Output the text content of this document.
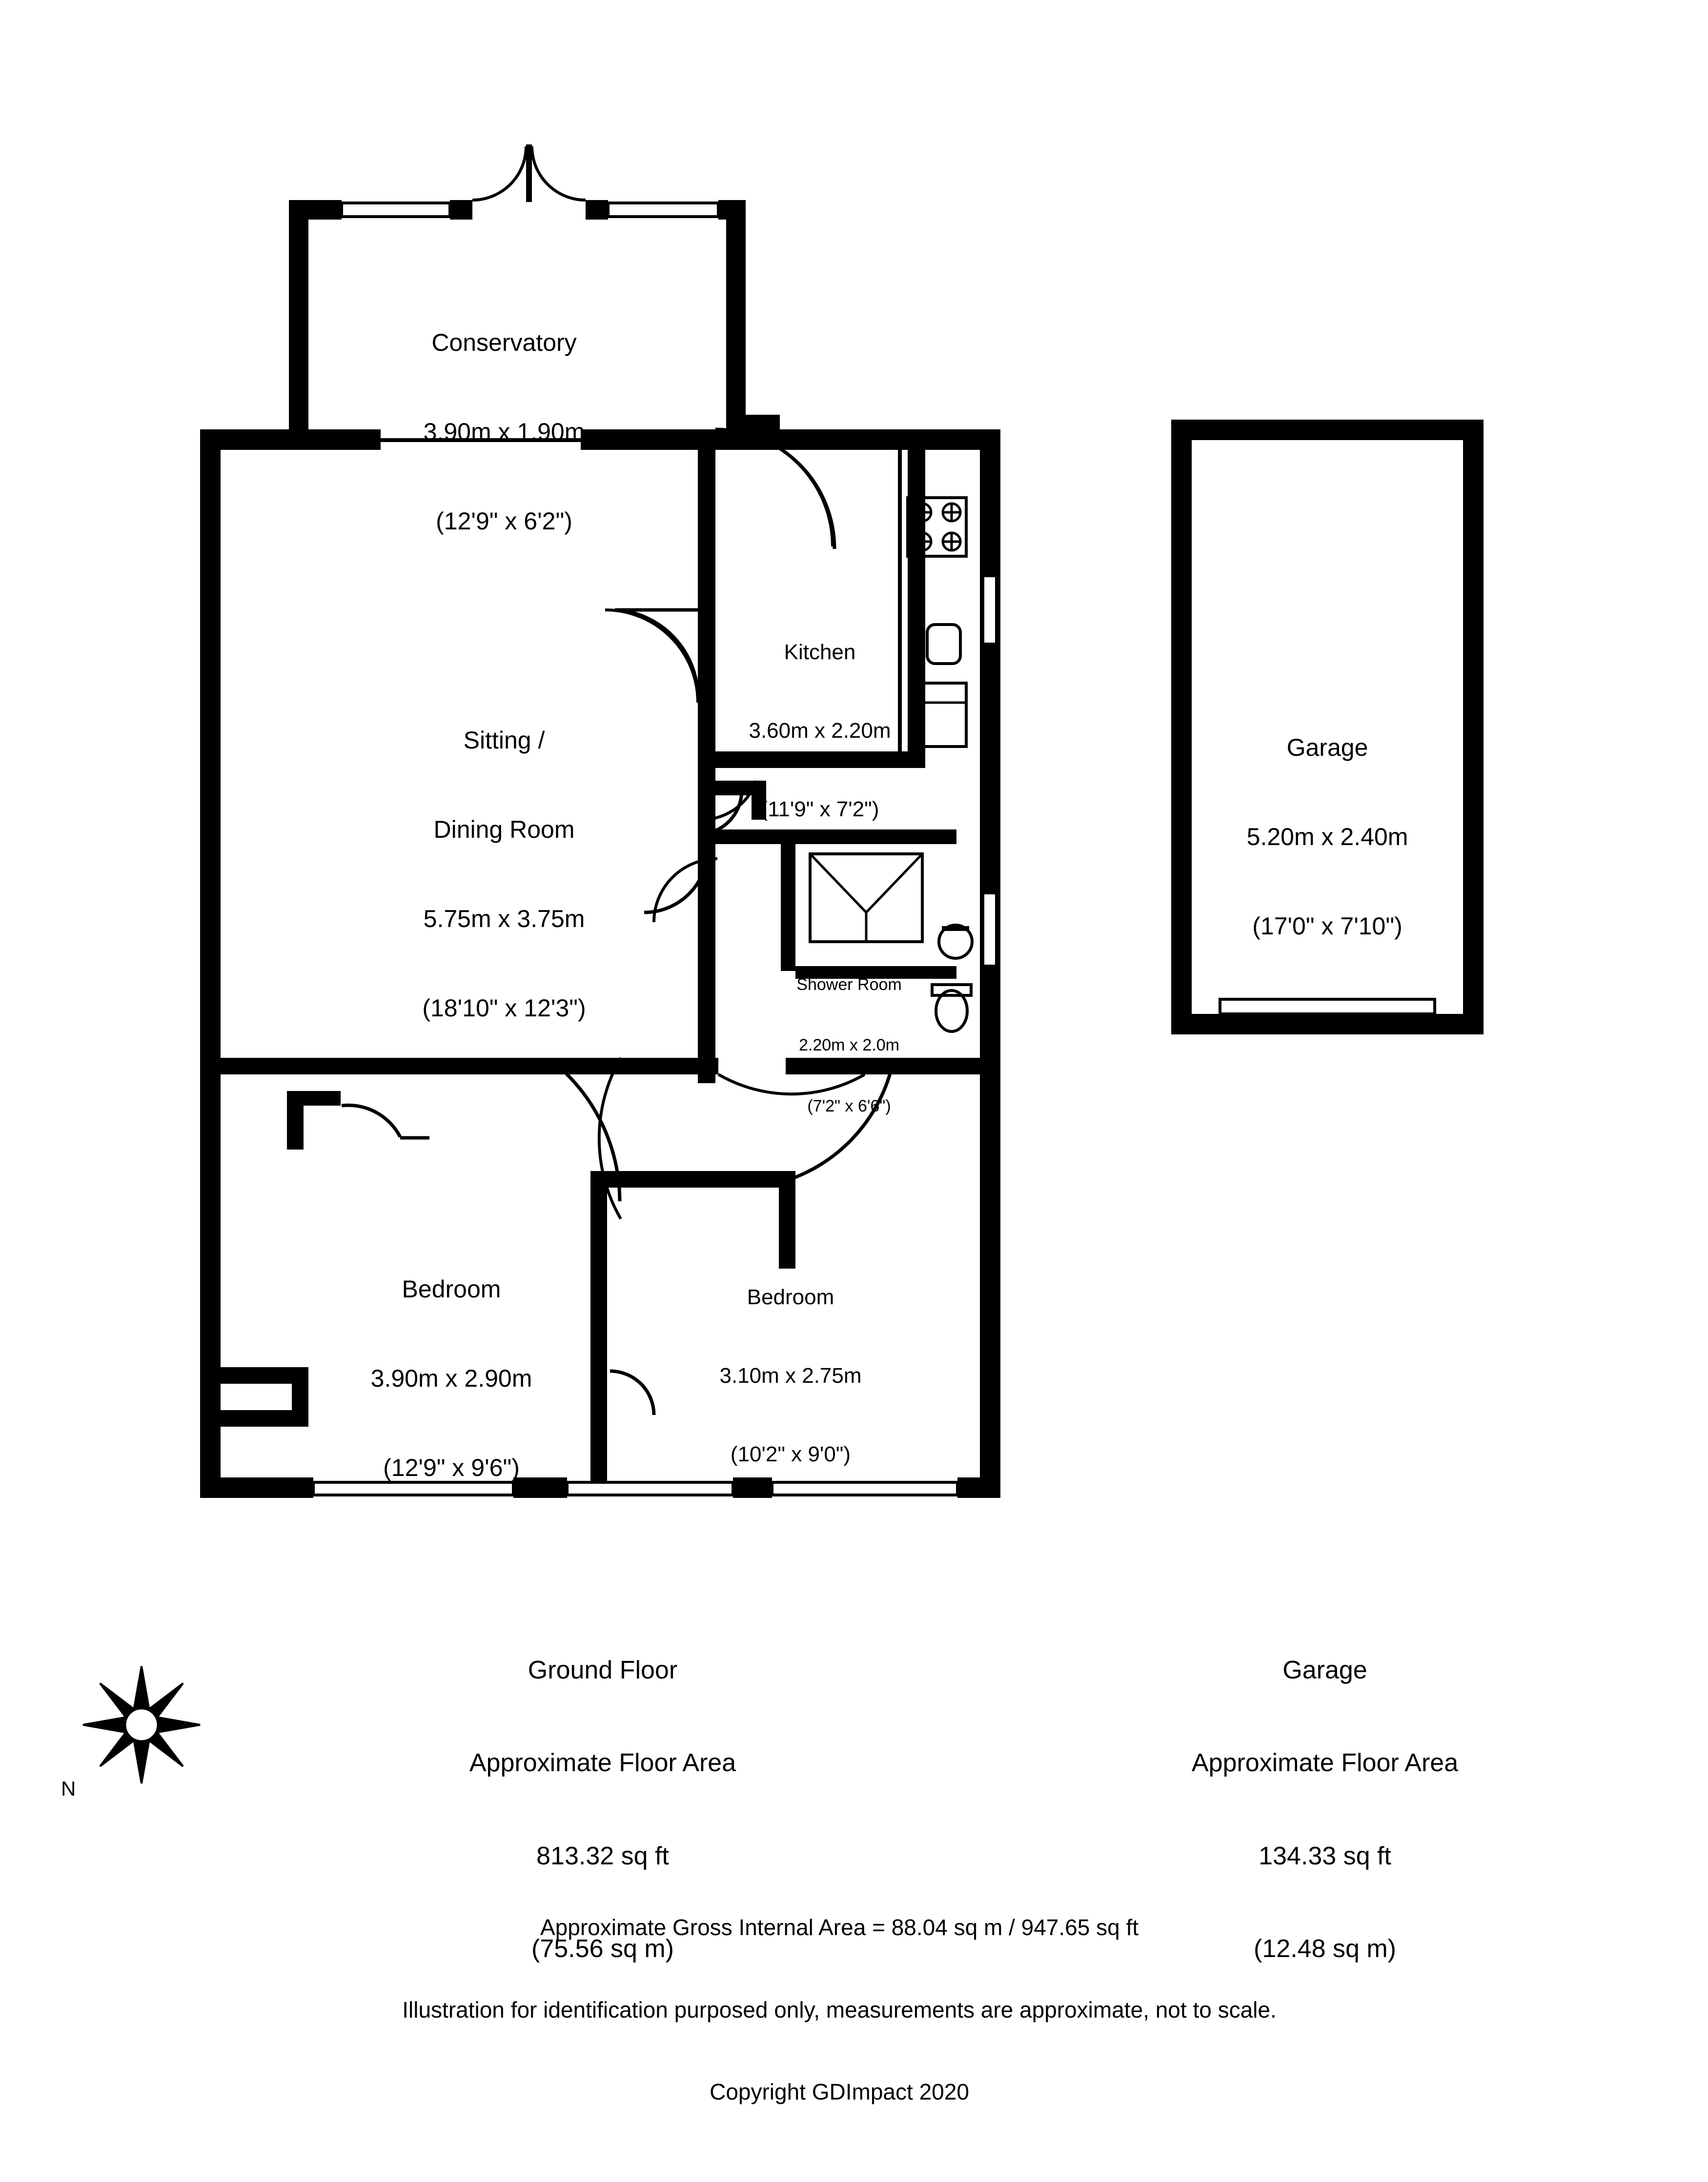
Conservatory

3.90m x 1.90m

(12'9" x 6'2")

Sitting /

Dining Room

5.75m x 3.75m

(18'10" x 12'3")

Kitchen

3.60m x 2.20m

(11'9" x 7'2")

Shower Room

2.20m x 2.0m

(7'2" x 6'6")

Bedroom

3.90m x 2.90m

(12'9" x 9'6")

Bedroom

3.10m x 2.75m

(10'2" x 9'0")

Garage

5.20m x 2.40m

(17'0" x 7'10")

Ground Floor

Approximate Floor Area

813.32 sq ft

(75.56 sq m)

Garage

Approximate Floor Area

134.33 sq ft

(12.48 sq m)

N

Approximate Gross Internal Area = 88.04 sq m / 947.65 sq ft

Illustration for identification purposed only, measurements are approximate, not to scale.

Copyright GDImpact 2020
